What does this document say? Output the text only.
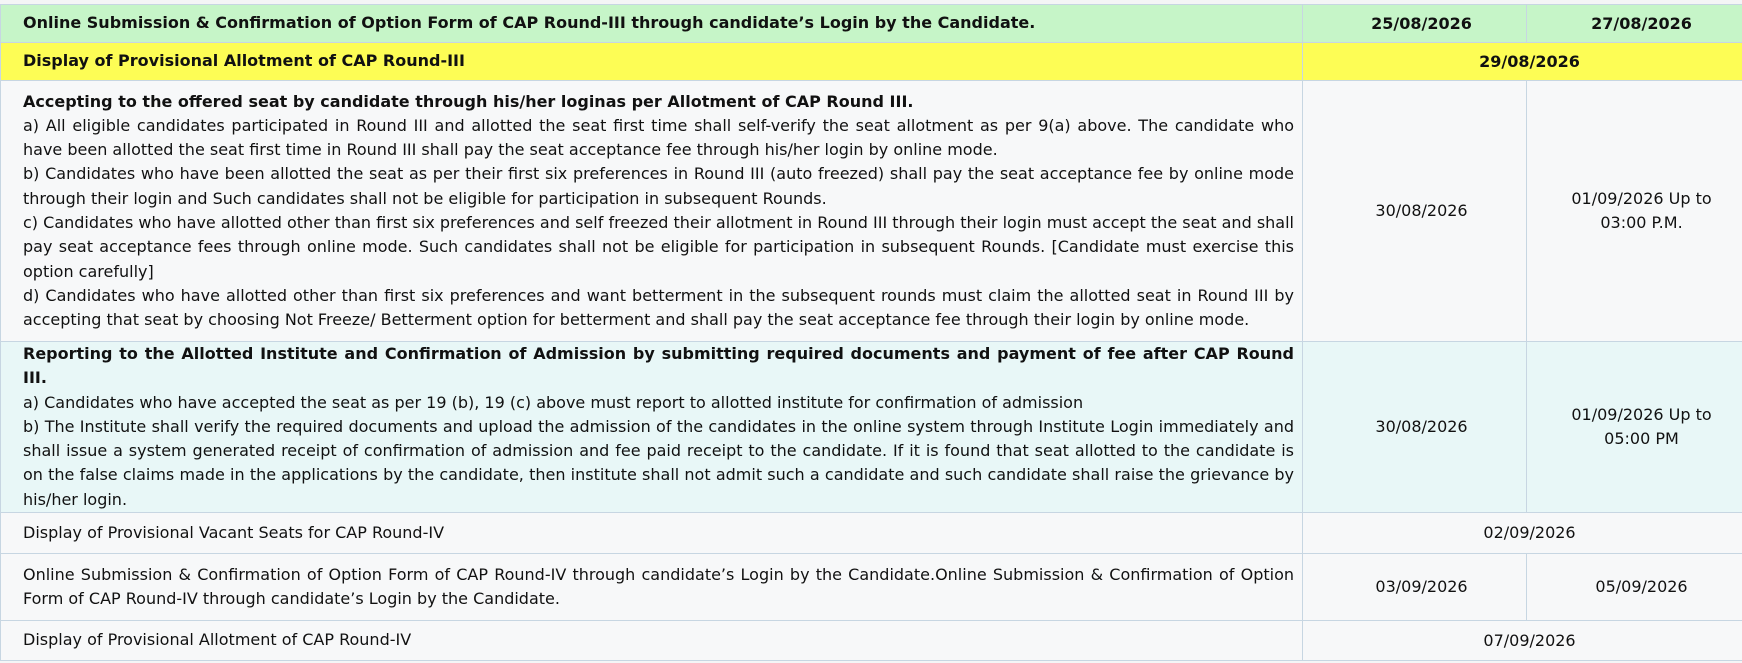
Online Submission & Confirmation of Option Form of CAP Round-III through candidate’s Login by the Candidate.	25/08/2026	27/08/2026
Display of Provisional Allotment of CAP Round-III	29/08/2026	

Accepting to the offered seat by candidate through his/her loginas per Allotment of CAP Round III.
a) All eligible candidates participated in Round III and allotted the seat first time shall self-verify the seat allotment as per 9(a) above. The candidate who have been allotted the seat first time in Round III shall pay the seat acceptance fee through his/her login by online mode.
b) Candidates who have been allotted the seat as per their first six preferences in Round III (auto freezed) shall pay the seat acceptance fee by online mode through their login and Such candidates shall not be eligible for participation in subsequent Rounds.
c) Candidates who have allotted other than first six preferences and self freezed their allotment in Round III through their login must accept the seat and shall pay seat acceptance fees through online mode. Such candidates shall not be eligible for participation in subsequent Rounds. [Candidate must exercise this option carefully]
d) Candidates who have allotted other than first six preferences and want betterment in the subsequent rounds must claim the allotted seat in Round III by accepting that seat by choosing Not Freeze/ Betterment option for betterment and shall pay the seat acceptance fee through their login by online mode.	30/08/2026	01/09/2026 Up to 03:00 P.M.

Reporting to the Allotted Institute and Confirmation of Admission by submitting required documents and payment of fee after CAP Round III.
a) Candidates who have accepted the seat as per 19 (b), 19 (c) above must report to allotted institute for confirmation of admission
b) The Institute shall verify the required documents and upload the admission of the candidates in the online system through Institute Login immediately and shall issue a system generated receipt of confirmation of admission and fee paid receipt to the candidate. If it is found that seat allotted to the candidate is on the false claims made in the applications by the candidate, then institute shall not admit such a candidate and such candidate shall raise the grievance by his/her login.	30/08/2026	01/09/2026 Up to 05:00 PM
Display of Provisional Vacant Seats for CAP Round-IV	02/09/2026	
Online Submission & Confirmation of Option Form of CAP Round-IV through candidate’s Login by the Candidate.Online Submission & Confirmation of Option Form of CAP Round-IV through candidate’s Login by the Candidate.	03/09/2026	05/09/2026
Display of Provisional Allotment of CAP Round-IV	07/09/2026	
